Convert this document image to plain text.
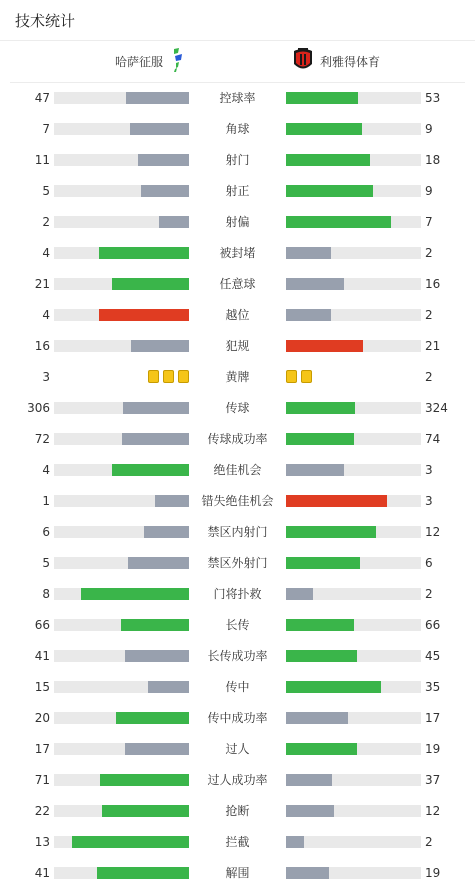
技术统计
哈萨征服	利雅得体育
47	控球率	53
7	角球	9
11	射门	18
5	射正	9
2	射偏	7
4	被封堵	2
21	任意球	16
4	越位	2
16	犯规	21
3	黄牌	2
306	传球	324
72	传球成功率	74
4	绝佳机会	3
1	错失绝佳机会	3
6	禁区内射门	12
5	禁区外射门	6
8	门将扑救	2
66	长传	66
41	长传成功率	45
15	传中	35
20	传中成功率	17
17	过人	19
71	过人成功率	37
22	抢断	12
13	拦截	2
41	解围	19
